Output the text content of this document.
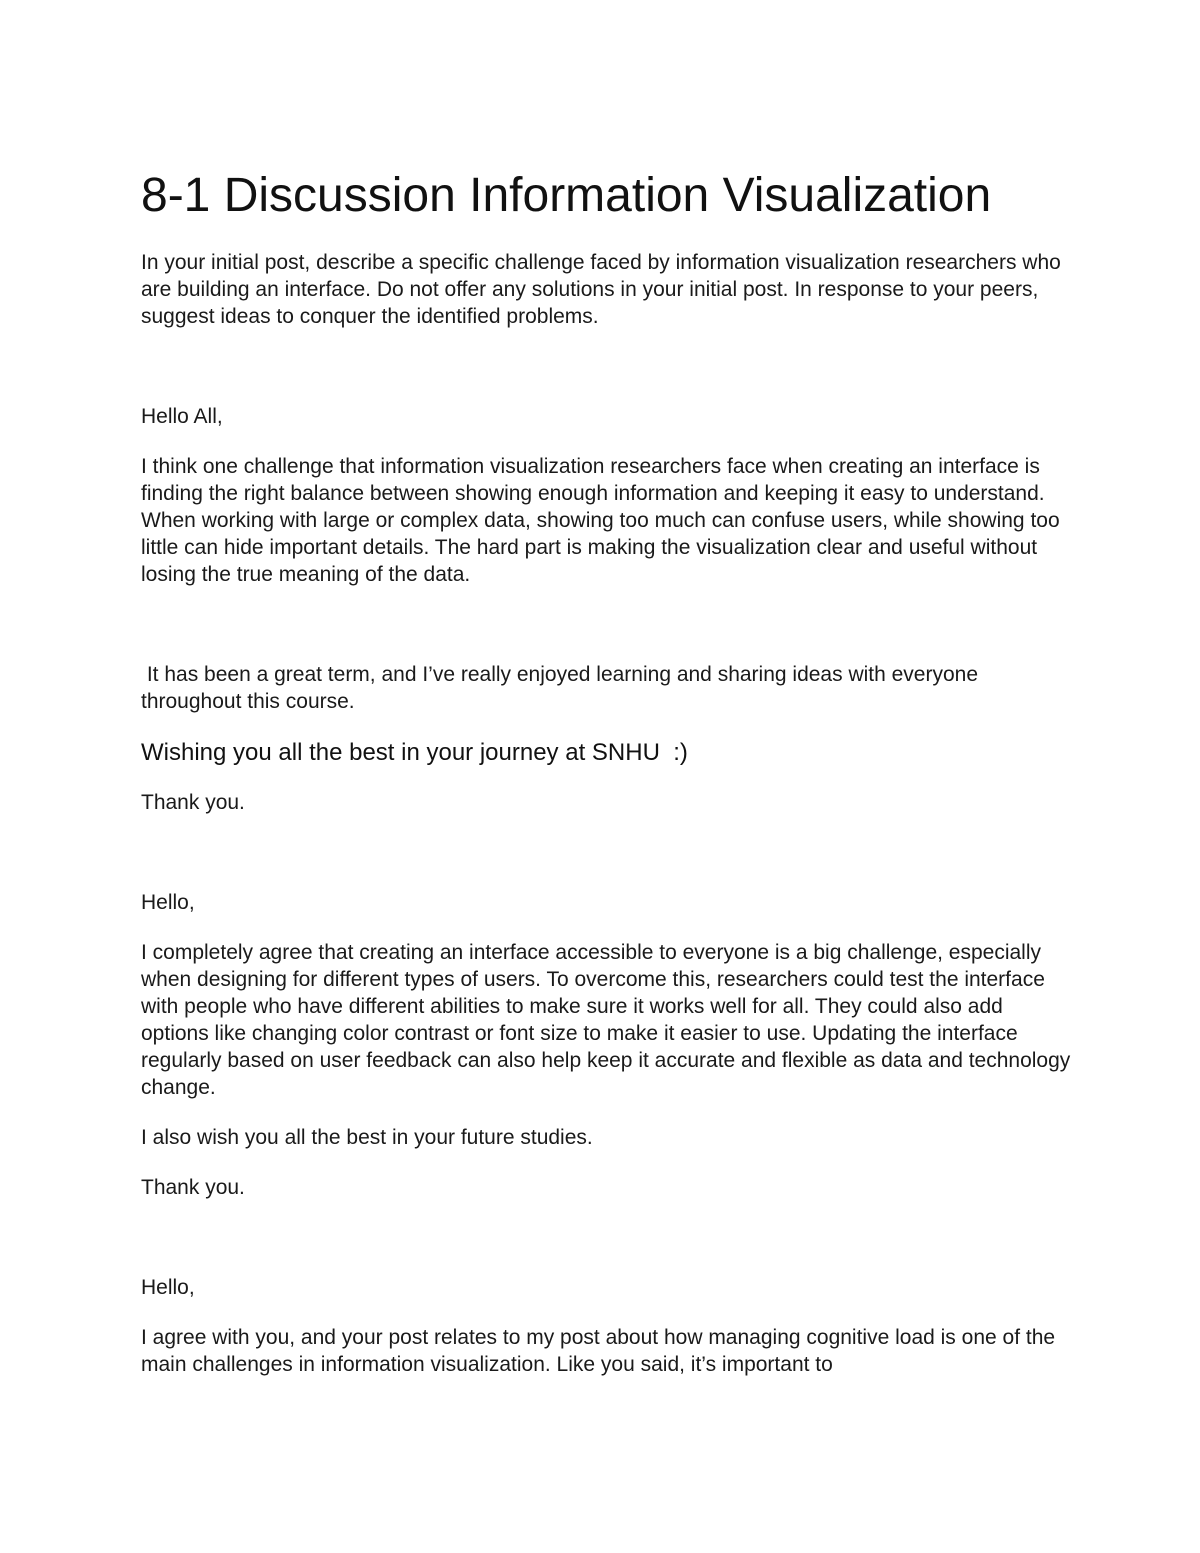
8-1 Discussion Information Visualization

In your initial post, describe a specific challenge faced by information visualization researchers who are building an interface. Do not offer any solutions in your initial post. In response to your peers, suggest ideas to conquer the identified problems.

Hello All,

I think one challenge that information visualization researchers face when creating an interface is finding the right balance between showing enough information and keeping it easy to understand. When working with large or complex data, showing too much can confuse users, while showing too little can hide important details. The hard part is making the visualization clear and useful without losing the true meaning of the data.

It has been a great term, and I’ve really enjoyed learning and sharing ideas with everyone throughout this course.

Wishing you all the best in your journey at SNHU  :)

Thank you.

Hello,

I completely agree that creating an interface accessible to everyone is a big challenge, especially when designing for different types of users. To overcome this, researchers could test the interface with people who have different abilities to make sure it works well for all. They could also add options like changing color contrast or font size to make it easier to use. Updating the interface regularly based on user feedback can also help keep it accurate and flexible as data and technology change.

I also wish you all the best in your future studies.

Thank you.

Hello,

I agree with you, and your post relates to my post about how managing cognitive load is one of the main challenges in information visualization. Like you said, it’s important to
